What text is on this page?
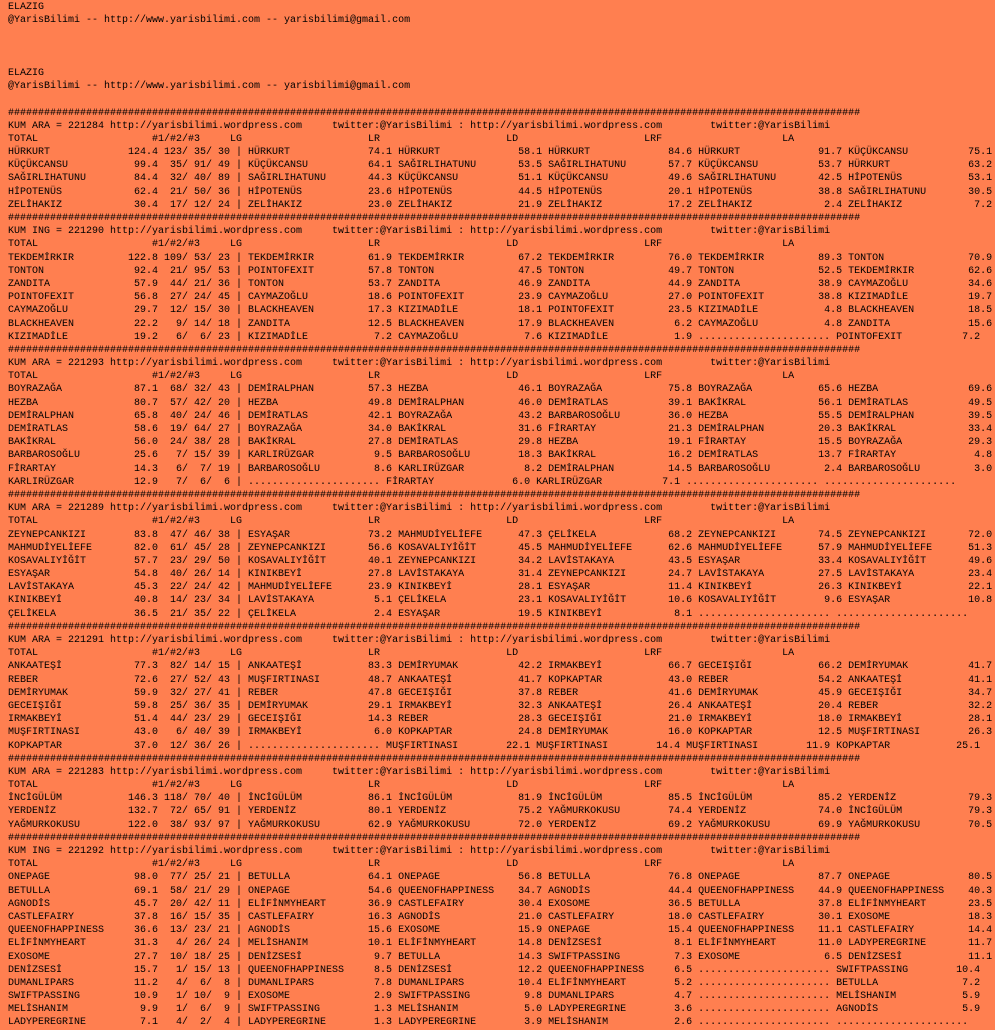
ELAZIG
@YarisBilimi -- http://www.yarisbilimi.com -- yarisbilimi@gmail.com
ELAZIG
@YarisBilimi -- http://www.yarisbilimi.com -- yarisbilimi@gmail.com
##############################################################################################################################################
KUM ARA = 221284 http://yarisbilimi.wordpress.com     twitter:@YarisBilimi : http://yarisbilimi.wordpress.com        twitter:@YarisBilimi
TOTAL                   #1/#2/#3     LG                     LR                     LD                     LRF                    LA
HÜRKURT             124.4 123/ 35/ 30 | HÜRKURT             74.1 HÜRKURT             58.1 HÜRKURT             84.6 HÜRKURT             91.7 KÜÇÜKCANSU          75.1
KÜÇÜKCANSU           99.4  35/ 91/ 49 | KÜÇÜKCANSU          64.1 SAĞIRLIHATUNU       53.5 SAĞIRLIHATUNU       57.7 KÜÇÜKCANSU          53.7 HÜRKURT             63.2
SAĞIRLIHATUNU        84.4  32/ 40/ 89 | SAĞIRLIHATUNU       44.3 KÜÇÜKCANSU          51.1 KÜÇÜKCANSU          49.6 SAĞIRLIHATUNU       42.5 HİPOTENÜS           53.1
HİPOTENÜS            62.4  21/ 50/ 36 | HİPOTENÜS           23.6 HİPOTENÜS           44.5 HİPOTENÜS           20.1 HİPOTENÜS           38.8 SAĞIRLIHATUNU       30.5
ZELİHAKIZ            30.4  17/ 12/ 24 | ZELİHAKIZ           23.0 ZELİHAKIZ           21.9 ZELİHAKIZ           17.2 ZELİHAKIZ            2.4 ZELİHAKIZ            7.2
##############################################################################################################################################
KUM ING = 221290 http://yarisbilimi.wordpress.com     twitter:@YarisBilimi : http://yarisbilimi.wordpress.com        twitter:@YarisBilimi
TOTAL                   #1/#2/#3     LG                     LR                     LD                     LRF                    LA
TEKDEMİRKIR         122.8 109/ 53/ 23 | TEKDEMİRKIR         61.9 TEKDEMİRKIR         67.2 TEKDEMİRKIR         76.0 TEKDEMİRKIR         89.3 TONTON              70.9
TONTON               92.4  21/ 95/ 53 | POINTOFEXIT         57.8 TONTON              47.5 TONTON              49.7 TONTON              52.5 TEKDEMİRKIR         62.6
ZANDITA              57.9  44/ 21/ 36 | TONTON              53.7 ZANDITA             46.9 ZANDITA             44.9 ZANDITA             38.9 CAYMAZOĞLU          34.6
POINTOFEXIT          56.8  27/ 24/ 45 | CAYMAZOĞLU          18.6 POINTOFEXIT         23.9 CAYMAZOĞLU          27.0 POINTOFEXIT         38.8 KIZIMADİLE          19.7
CAYMAZOĞLU           29.7  12/ 15/ 30 | BLACKHEAVEN         17.3 KIZIMADİLE          18.1 POINTOFEXIT         23.5 KIZIMADİLE           4.8 BLACKHEAVEN         18.5
BLACKHEAVEN          22.2   9/ 14/ 18 | ZANDITA             12.5 BLACKHEAVEN         17.9 BLACKHEAVEN          6.2 CAYMAZOĞLU           4.8 ZANDITA             15.6
KIZIMADİLE           19.2   6/  6/ 23 | KIZIMADİLE           7.2 CAYMAZOĞLU           7.6 KIZIMADİLE           1.9 ...................... POINTOFEXIT          7.2
##############################################################################################################################################
KUM ARA = 221293 http://yarisbilimi.wordpress.com     twitter:@YarisBilimi : http://yarisbilimi.wordpress.com        twitter:@YarisBilimi
TOTAL                   #1/#2/#3     LG                     LR                     LD                     LRF                    LA
BOYRAZAĞA            87.1  68/ 32/ 43 | DEMİRALPHAN         57.3 HEZBA               46.1 BOYRAZAĞA           75.8 BOYRAZAĞA           65.6 HEZBA               69.6
HEZBA                80.7  57/ 42/ 20 | HEZBA               49.8 DEMİRALPHAN         46.0 DEMİRATLAS          39.1 BAKİKRAL            56.1 DEMİRATLAS          49.5
DEMİRALPHAN          65.8  40/ 24/ 46 | DEMİRATLAS          42.1 BOYRAZAĞA           43.2 BARBAROSOĞLU        36.0 HEZBA               55.5 DEMİRALPHAN         39.5
DEMİRATLAS           58.6  19/ 64/ 27 | BOYRAZAĞA           34.0 BAKİKRAL            31.6 FİRARTAY            21.3 DEMİRALPHAN         20.3 BAKİKRAL            33.4
BAKİKRAL             56.0  24/ 38/ 28 | BAKİKRAL            27.8 DEMİRATLAS          29.8 HEZBA               19.1 FİRARTAY            15.5 BOYRAZAĞA           29.3
BARBAROSOĞLU         25.6   7/ 15/ 39 | KARLIRÜZGAR          9.5 BARBAROSOĞLU        18.3 BAKİKRAL            16.2 DEMİRATLAS          13.7 FİRARTAY             4.8
FİRARTAY             14.3   6/  7/ 19 | BARBAROSOĞLU         8.6 KARLIRÜZGAR          8.2 DEMİRALPHAN         14.5 BARBAROSOĞLU         2.4 BARBAROSOĞLU         3.0
KARLIRÜZGAR          12.9   7/  6/  6 | ...................... FİRARTAY             6.0 KARLIRÜZGAR          7.1 ...................... ......................
##############################################################################################################################################
KUM ARA = 221289 http://yarisbilimi.wordpress.com     twitter:@YarisBilimi : http://yarisbilimi.wordpress.com        twitter:@YarisBilimi
TOTAL                   #1/#2/#3     LG                     LR                     LD                     LRF                    LA
ZEYNEPCANKIZI        83.8  47/ 46/ 38 | ESYAŞAR             73.2 MAHMUDİYELİEFE      47.3 ÇELİKELA            68.2 ZEYNEPCANKIZI       74.5 ZEYNEPCANKIZI       72.0
MAHMUDİYELİEFE       82.0  61/ 45/ 28 | ZEYNEPCANKIZI       56.6 KOSAVALIYİĞİT       45.5 MAHMUDİYELİEFE      62.6 MAHMUDİYELİEFE      57.9 MAHMUDİYELİEFE      51.3
KOSAVALIYİĞİT        57.7  23/ 29/ 50 | KOSAVALIYİĞİT       40.1 ZEYNEPCANKIZI       34.2 LAVİSTAKAYA         43.5 ESYAŞAR             33.4 KOSAVALIYİĞİT       49.6
ESYAŞAR              54.8  40/ 26/ 14 | KINIKBEYİ           27.8 LAVİSTAKAYA         31.4 ZEYNEPCANKIZI       24.7 LAVİSTAKAYA         27.5 LAVİSTAKAYA         23.4
LAVİSTAKAYA          45.3  22/ 24/ 42 | MAHMUDİYELİEFE      23.9 KINIKBEYİ           28.1 ESYAŞAR             11.4 KINIKBEYİ           26.3 KINIKBEYİ           22.1
KINIKBEYİ            40.8  14/ 23/ 34 | LAVİSTAKAYA          5.1 ÇELİKELA            23.1 KOSAVALIYİĞİT       10.6 KOSAVALIYİĞİT        9.6 ESYAŞAR             10.8
ÇELİKELA             36.5  21/ 35/ 22 | ÇELİKELA             2.4 ESYAŞAR             19.5 KINIKBEYİ            8.1 ...................... ......................
##############################################################################################################################################
KUM ARA = 221291 http://yarisbilimi.wordpress.com     twitter:@YarisBilimi : http://yarisbilimi.wordpress.com        twitter:@YarisBilimi
TOTAL                   #1/#2/#3     LG                     LR                     LD                     LRF                    LA
ANKAATEŞİ            77.3  82/ 14/ 15 | ANKAATEŞİ           83.3 DEMİRYUMAK          42.2 IRMAKBEYİ           66.7 GECEIŞIĞI           66.2 DEMİRYUMAK          41.7
REBER                72.6  27/ 52/ 43 | MUŞFIRTINASI        48.7 ANKAATEŞİ           41.7 KOPKAPTAR           43.0 REBER               54.2 ANKAATEŞİ           41.1
DEMİRYUMAK           59.9  32/ 27/ 41 | REBER               47.8 GECEIŞIĞI           37.8 REBER               41.6 DEMİRYUMAK          45.9 GECEIŞIĞI           34.7
GECEIŞIĞI            59.8  25/ 36/ 35 | DEMİRYUMAK          29.1 IRMAKBEYİ           32.3 ANKAATEŞİ           26.4 ANKAATEŞİ           20.4 REBER               32.2
IRMAKBEYİ            51.4  44/ 23/ 29 | GECEIŞIĞI           14.3 REBER               28.3 GECEIŞIĞI           21.0 IRMAKBEYİ           18.0 IRMAKBEYİ           28.1
MUŞFIRTINASI         43.0   6/ 40/ 39 | IRMAKBEYİ            6.0 KOPKAPTAR           24.8 DEMİRYUMAK          16.0 KOPKAPTAR           12.5 MUŞFIRTINASI        26.3
KOPKAPTAR            37.0  12/ 36/ 26 | ...................... MUŞFIRTINASI        22.1 MUŞFIRTINASI        14.4 MUŞFIRTINASI        11.9 KOPKAPTAR           25.1
##############################################################################################################################################
KUM ARA = 221283 http://yarisbilimi.wordpress.com     twitter:@YarisBilimi : http://yarisbilimi.wordpress.com        twitter:@YarisBilimi
TOTAL                   #1/#2/#3     LG                     LR                     LD                     LRF                    LA
İNCİGÜLÜM           146.3 118/ 70/ 40 | İNCİGÜLÜM           86.1 İNCİGÜLÜM           81.9 İNCİGÜLÜM           85.5 İNCİGÜLÜM           85.2 YERDENİZ            79.3
YERDENİZ            132.7  72/ 65/ 91 | YERDENİZ            80.1 YERDENİZ            75.2 YAĞMURKOKUSU        74.4 YERDENİZ            74.0 İNCİGÜLÜM           79.3
YAĞMURKOKUSU        122.0  38/ 93/ 97 | YAĞMURKOKUSU        62.9 YAĞMURKOKUSU        72.0 YERDENİZ            69.2 YAĞMURKOKUSU        69.9 YAĞMURKOKUSU        70.5
##############################################################################################################################################
KUM ING = 221292 http://yarisbilimi.wordpress.com     twitter:@YarisBilimi : http://yarisbilimi.wordpress.com        twitter:@YarisBilimi
TOTAL                   #1/#2/#3     LG                     LR                     LD                     LRF                    LA
ONEPAGE              98.0  77/ 25/ 21 | BETULLA             64.1 ONEPAGE             56.8 BETULLA             76.8 ONEPAGE             87.7 ONEPAGE             80.5
BETULLA              69.1  58/ 21/ 29 | ONEPAGE             54.6 QUEENOFHAPPINESS    34.7 AGNODİS             44.4 QUEENOFHAPPINESS    44.9 QUEENOFHAPPINESS    40.3
AGNODİS              45.7  20/ 42/ 11 | ELİFİNMYHEART       36.9 CASTLEFAIRY         30.4 EXOSOME             36.5 BETULLA             37.8 ELİFİNMYHEART       23.5
CASTLEFAIRY          37.8  16/ 15/ 35 | CASTLEFAIRY         16.3 AGNODİS             21.0 CASTLEFAIRY         18.0 CASTLEFAIRY         30.1 EXOSOME             18.3
QUEENOFHAPPINESS     36.6  13/ 23/ 21 | AGNODİS             15.6 EXOSOME             15.9 ONEPAGE             15.4 QUEENOFHAPPINESS    11.1 CASTLEFAIRY         14.4
ELİFİNMYHEART        31.3   4/ 26/ 24 | MELİSHANIM          10.1 ELİFİNMYHEART       14.8 DENİZSESİ            8.1 ELİFİNMYHEART       11.0 LADYPEREGRINE       11.7
EXOSOME              27.7  10/ 18/ 25 | DENİZSESİ            9.7 BETULLA             14.3 SWIFTPASSING         7.3 EXOSOME              6.5 DENİZSESİ           11.1
DENİZSESİ            15.7   1/ 15/ 13 | QUEENOFHAPPINESS     8.5 DENİZSESİ           12.2 QUEENOFHAPPINESS     6.5 ...................... SWIFTPASSING        10.4
DUMANLIPARS          11.2   4/  6/  8 | DUMANLIPARS          7.8 DUMANLIPARS         10.4 ELİFİNMYHEART        5.2 ...................... BETULLA              7.2
SWIFTPASSING         10.9   1/ 10/  9 | EXOSOME              2.9 SWIFTPASSING         9.8 DUMANLIPARS          4.7 ...................... MELİSHANIM           5.9
MELİSHANIM            9.9   1/  6/  9 | SWIFTPASSING         1.3 MELİSHANIM           5.0 LADYPEREGRINE        3.6 ...................... AGNODİS              5.9
LADYPEREGRINE         7.1   4/  2/  4 | LADYPEREGRINE        1.3 LADYPEREGRINE        3.9 MELİSHANIM           2.6 ...................... ......................
